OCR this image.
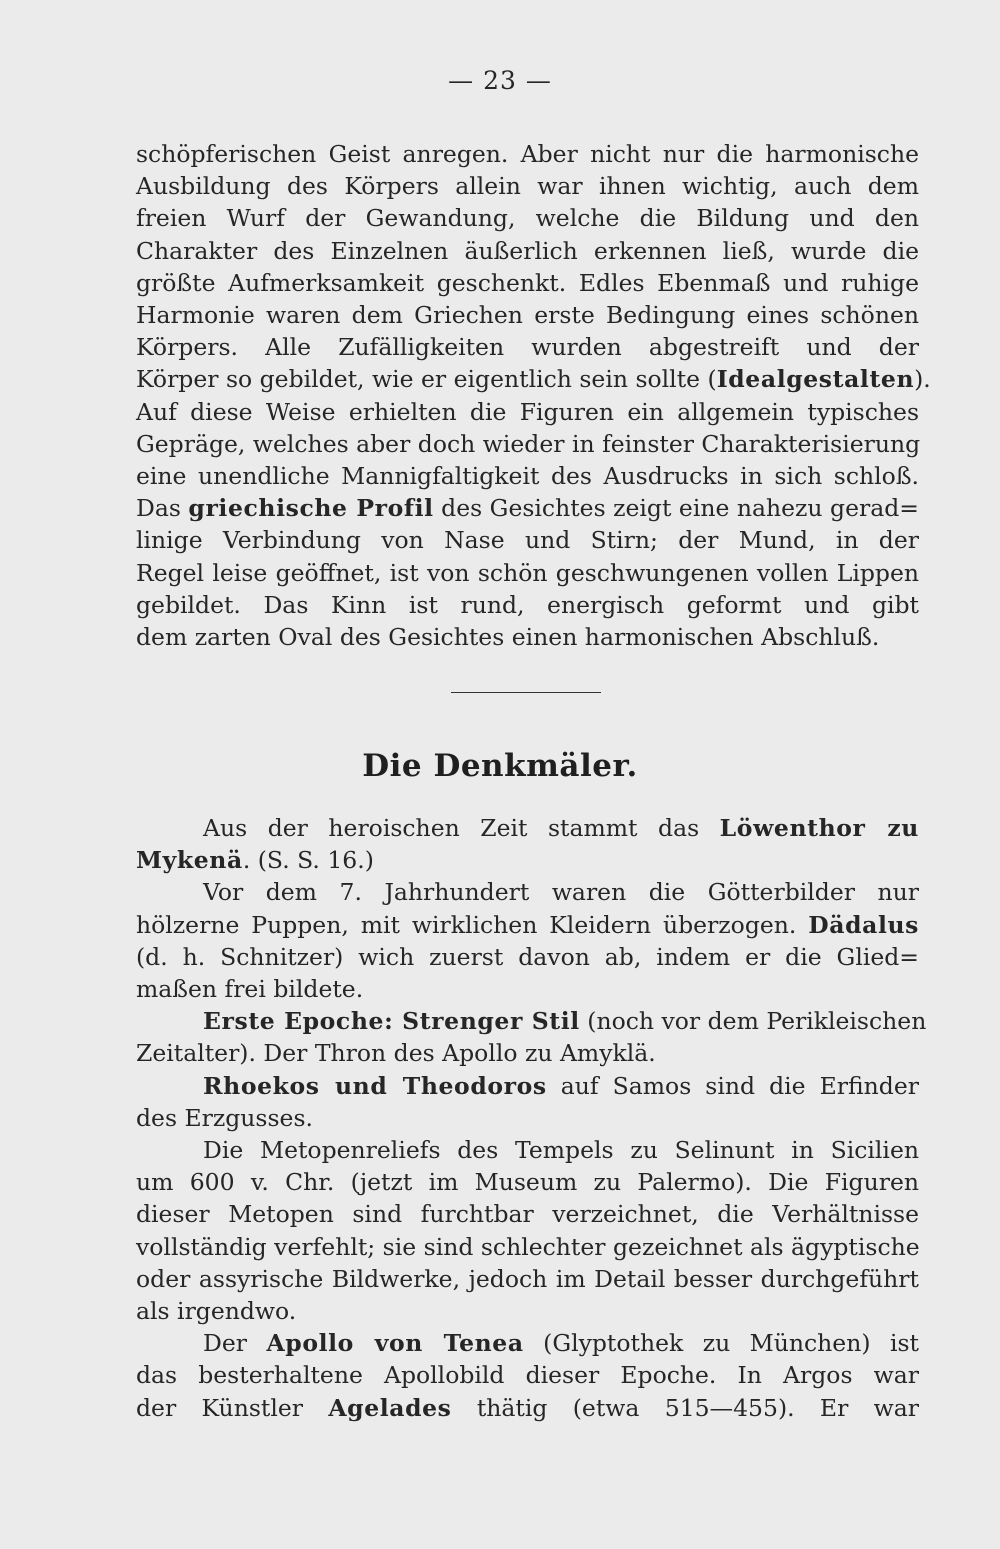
— 23 —
schöpferischen Geist anregen. Aber nicht nur die harmonische
Ausbildung des Körpers allein war ihnen wichtig, auch dem
freien Wurf der Gewandung, welche die Bildung und den
Charakter des Einzelnen äußerlich erkennen ließ, wurde die
größte Aufmerksamkeit geschenkt. Edles Ebenmaß und ruhige
Harmonie waren dem Griechen erste Bedingung eines schönen
Körpers. Alle Zufälligkeiten wurden abgestreift und der
Körper so gebildet, wie er eigentlich sein sollte (Idealgestalten).
Auf diese Weise erhielten die Figuren ein allgemein typisches
Gepräge, welches aber doch wieder in feinster Charakterisierung
eine unendliche Mannigfaltigkeit des Ausdrucks in sich schloß.
Das griechische Profil des Gesichtes zeigt eine nahezu gerad=
linige Verbindung von Nase und Stirn; der Mund, in der
Regel leise geöffnet, ist von schön geschwungenen vollen Lippen
gebildet. Das Kinn ist rund, energisch geformt und gibt
dem zarten Oval des Gesichtes einen harmonischen Abschluß.
Die Denkmäler.
Aus der heroischen Zeit stammt das Löwenthor zu
Mykenä. (S. S. 16.)
Vor dem 7. Jahrhundert waren die Götterbilder nur
hölzerne Puppen, mit wirklichen Kleidern überzogen. Dädalus
(d. h. Schnitzer) wich zuerst davon ab, indem er die Glied=
maßen frei bildete.
Erste Epoche: Strenger Stil (noch vor dem Perikleischen
Zeitalter). Der Thron des Apollo zu Amyklä.
Rhoekos und Theodoros auf Samos sind die Erfinder
des Erzgusses.
Die Metopenreliefs des Tempels zu Selinunt in Sicilien
um 600 v. Chr. (jetzt im Museum zu Palermo). Die Figuren
dieser Metopen sind furchtbar verzeichnet, die Verhältnisse
vollständig verfehlt; sie sind schlechter gezeichnet als ägyptische
oder assyrische Bildwerke, jedoch im Detail besser durchgeführt
als irgendwo.
Der Apollo von Tenea (Glyptothek zu München) ist
das besterhaltene Apollobild dieser Epoche. In Argos war
der Künstler Agelades thätig (etwa 515—455). Er war
